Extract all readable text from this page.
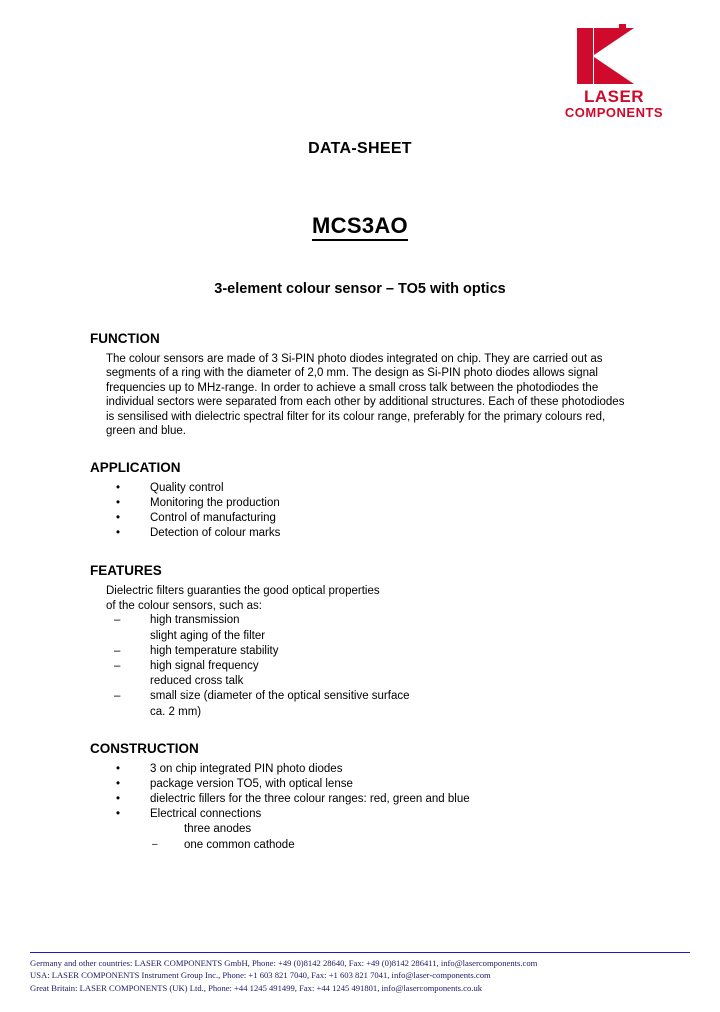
LASER
COMPONENTS
DATA-SHEET
MCS3AO
3-element colour sensor – TO5 with optics
FUNCTION
The colour sensors are made of 3 Si-PIN photo diodes integrated on chip. They are carried out as segments of a ring with the diameter of 2,0 mm. The design as Si-PIN photo diodes allows signal frequencies up to MHz-range. In order to achieve a small cross talk between the photodiodes the individual sectors were separated from each other by additional structures. Each of these photodiodes is sensilised with dielectric spectral filter for its colour range, preferably for the primary colours red, green and blue.
APPLICATION
•	Quality control
•	Monitoring the production
•	Control of manufacturing
•	Detection of colour marks
FEATURES
Dielectric filters guaranties the good optical properties
of the colour sensors, such as:
–	high transmission
slight aging of the filter
–	high temperature stability
–	high signal frequency
reduced cross talk
–	small size (diameter of the optical sensitive surface
ca. 2 mm)
CONSTRUCTION
•	3 on chip integrated PIN photo diodes
•	package version TO5, with optical lense
•	dielectric fillers for the three colour ranges: red, green and blue
•	Electrical connections
three anodes
–	one common cathode
Germany and other countries: LASER COMPONENTS GmbH, Phone: +49 (0)8142 28640, Fax: +49 (0)8142 286411, info@lasercomponents.com
USA: LASER COMPONENTS Instrument Group Inc., Phone: +1 603 821 7040, Fax: +1 603 821 7041, info@laser-components.com
Great Britain: LASER COMPONENTS (UK) Ltd., Phone: +44 1245 491499, Fax: +44 1245 491801, info@lasercomponents.co.uk
